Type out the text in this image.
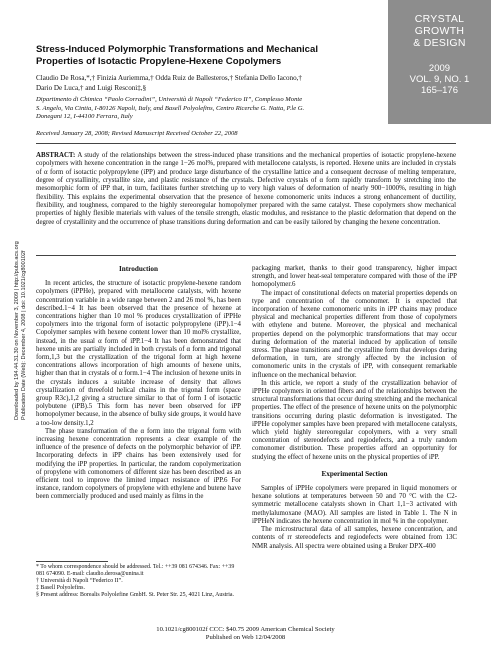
CRYSTAL
GROWTH
& DESIGN
2009
VOL. 9, NO. 1
165–176
Stress-Induced Polymorphic Transformations and Mechanical
Properties of Isotactic Propylene-Hexene Copolymers
Claudio De Rosa,*,† Finizia Auriemma,† Odda Ruiz de Ballesteros,† Stefania Dello Iacono,†
Dario De Luca,† and Luigi Resconi‡,§
Dipartimento di Chimica “Paolo Corradini”, Università di Napoli “Federico II”, Complesso Monte
S. Angelo, Via Cintia, I-80126 Napoli, Italy, and Basell Polyolefins, Centro Ricerche G. Natta, P.le G.
Donegani 12, I-44100 Ferrara, Italy
Received January 28, 2008; Revised Manuscript Received October 22, 2008
ABSTRACT: A study of the relationships between the stress-induced phase transitions and the mechanical properties of isotactic propylene-hexene copolymers with hexene concentration in the range 1−26 mol%, prepared with metallocene catalysts, is reported. Hexene units are included in crystals of α form of isotactic polypropylene (iPP) and produce large disturbance of the crystalline lattice and a consequent decrease of melting temperature, degree of crystallinity, crystallite size, and plastic resistance of the crystals. Defective crystals of α form rapidly transform by stretching into the mesomorphic form of iPP that, in turn, facilitates further stretching up to very high values of deformation of nearly 900−1000%, resulting in high flexibility. This explains the experimental observation that the presence of hexene comonomeric units induces a strong enhancement of ductility, flexibility, and toughness, compared to the highly stereoregular homopolymer prepared with the same catalyst. These copolymers show mechanical properties of highly flexible materials with values of the tensile strength, elastic modulus, and resistance to the plastic deformation that depend on the degree of crystallinity and the occurrence of phase transitions during deformation and can be easily tailored by changing the hexene concentration.
Introduction

In recent articles, the structure of isotactic propylene-hexene random copolymers (iPPHe), prepared with metallocene catalysts, with hexene concentration variable in a wide range between 2 and 26 mol %, has been described.1−4 It has been observed that the presence of hexene at concentrations higher than 10 mol % produces crystallization of iPPHe copolymers into the trigonal form of isotactic polypropylene (iPP).1−4 Copolymer samples with hexene content lower than 10 mol% crystallize, instead, in the usual α form of iPP.1−4 It has been demonstrated that hexene units are partially included in both crystals of α form and trigonal form,1,3 but the crystallization of the trigonal form at high hexene concentrations allows incorporation of high amounts of hexene units, higher than that in crystals of α form.1−4 The inclusion of hexene units in the crystals induces a suitable increase of density that allows crystallization of threefold helical chains in the trigonal form (space group R3c),1,2 giving a structure similar to that of form I of isotactic polybutene (iPB).5 This form has never been observed for iPP homopolymer because, in the absence of bulky side groups, it would have a too-low density.1,2

The phase transformation of the α form into the trigonal form with increasing hexene concentration represents a clear example of the influence of the presence of defects on the polymorphic behavior of iPP. Incorporating defects in iPP chains has been extensively used for modifying the iPP properties. In particular, the random copolymerization of propylene with comonomers of different size has been described as an efficient tool to improve the limited impact resistance of iPP.6 For instance, random copolymers of propylene with ethylene and butene have been commercially produced and used mainly as films in the

packaging market, thanks to their good transparency, higher impact strength, and lower heat-seal temperature compared with those of the iPP homopolymer.6

The impact of constitutional defects on material properties depends on type and concentration of the comonomer. It is expected that incorporation of hexene comonomeric units in iPP chains may produce physical and mechanical properties different from those of copolymers with ethylene and butene. Moreover, the physical and mechanical properties depend on the polymorphic transformations that may occur during deformation of the material induced by application of tensile stress. The phase transitions and the crystalline form that develops during deformation, in turn, are strongly affected by the inclusion of comonomeric units in the crystals of iPP, with consequent remarkable influence on the mechanical behavior.

In this article, we report a study of the crystallization behavior of iPPHe copolymers in oriented fibers and of the relationships between the structural transformations that occur during stretching and the mechanical properties. The effect of the presence of hexene units on the polymorphic transitions occurring during plastic deformation is investigated. The iPPHe copolymer samples have been prepared with metallocene catalysts, which yield highly stereoregular copolymers, with a very small concentration of stereodefects and regiodefects, and a truly random comonomer distribution. These properties afford an opportunity for studying the effect of hexene units on the physical properties of iPP.

Experimental Section

Samples of iPPHe copolymers were prepared in liquid monomers or hexane solutions at temperatures between 50 and 70 °C with the C2-symmetric metallocene catalysts shown in Chart 1,1−3 activated with methylalumoxane (MAO). All samples are listed in Table 1. The N in iPPHeN indicates the hexene concentration in mol % in the copolymer.

The microstructural data of all samples, hexene concentration, and contents of rr stereodefects and regiodefects were obtained from 13C NMR analysis. All spectra were obtained using a Bruker DPX-400

* To whom correspondence should be addressed. Tel.: ++39 081 674346. Fax: ++39 081 674090. E-mail: claudio.derosa@unina.it
† Università di Napoli “Federico II”.
‡ Basell Polyolefins.
§ Present address: Borealis Polyolefine GmbH. St. Peter Str. 25, 4021 Linz, Austria.
10.1021/cg800102f CCC: $40.75 2009 American Chemical Society
Published on Web 12/04/2008
Downloaded by 194.44.31.30 on November 3, 2009 | http://pubs.acs.org Publication Date (Web): December 4, 2008 | doi: 10.1021/cg800102f
